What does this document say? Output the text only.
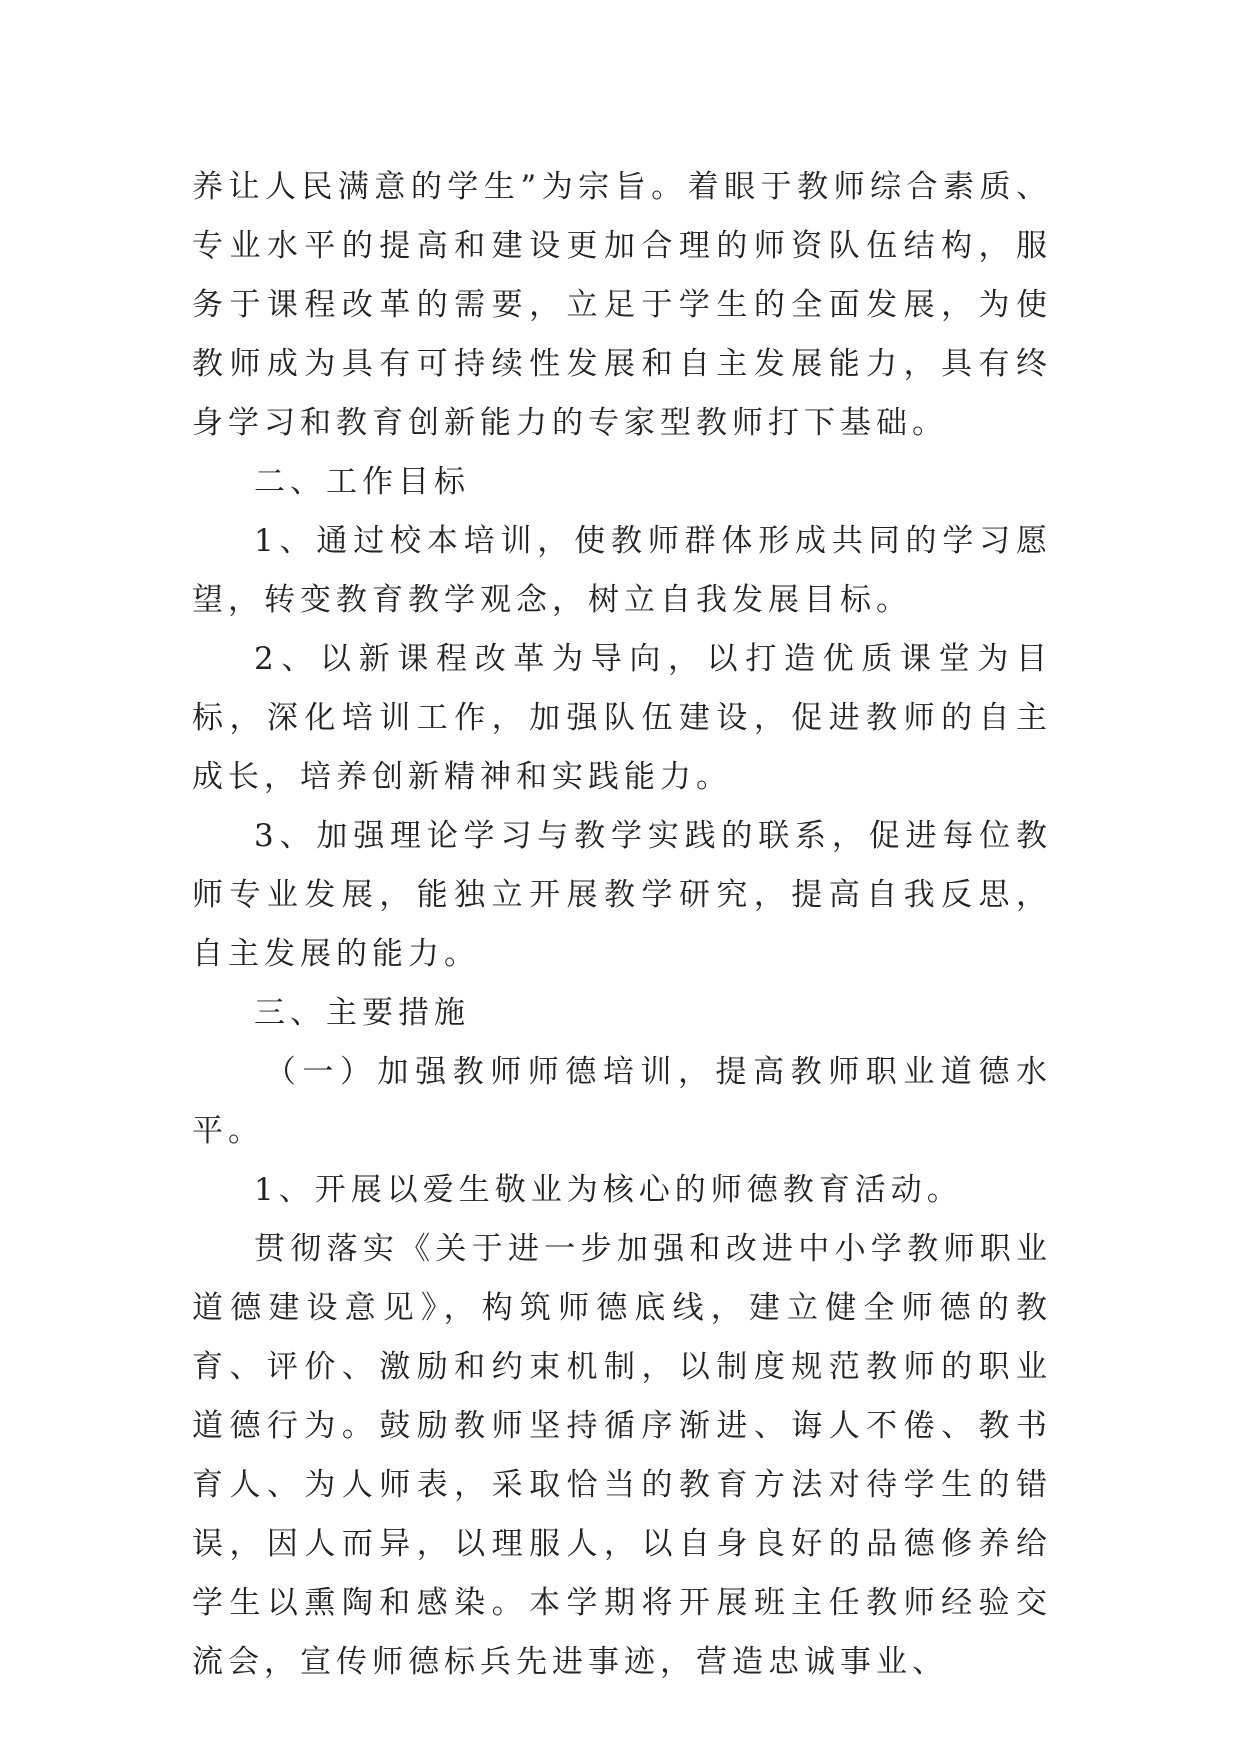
养让人民满意的学生”为宗旨。着眼于教师综合素质、专业水平的提高和建设更加合理的师资队伍结构，服务于课程改革的需要，立足于学生的全面发展，为使教师成为具有可持续性发展和自主发展能力，具有终身学习和教育创新能力的专家型教师打下基础。

二、工作目标

1、通过校本培训，使教师群体形成共同的学习愿望，转变教育教学观念，树立自我发展目标。

2、以新课程改革为导向，以打造优质课堂为目标，深化培训工作，加强队伍建设，促进教师的自主成长，培养创新精神和实践能力。

3、加强理论学习与教学实践的联系，促进每位教师专业发展，能独立开展教学研究，提高自我反思，自主发展的能力。

三、主要措施

（一）加强教师师德培训，提高教师职业道德水平。

1、开展以爱生敬业为核心的师德教育活动。

贯彻落实《关于进一步加强和改进中小学教师职业道德建设意见》，构筑师德底线，建立健全师德的教育、评价、激励和约束机制，以制度规范教师的职业道德行为。鼓励教师坚持循序渐进、诲人不倦、教书育人、为人师表，采取恰当的教育方法对待学生的错误，因人而异，以理服人，以自身良好的品德修养给学生以熏陶和感染。本学期将开展班主任教师经验交流会，宣传师德标兵先进事迹，营造忠诚事业、
